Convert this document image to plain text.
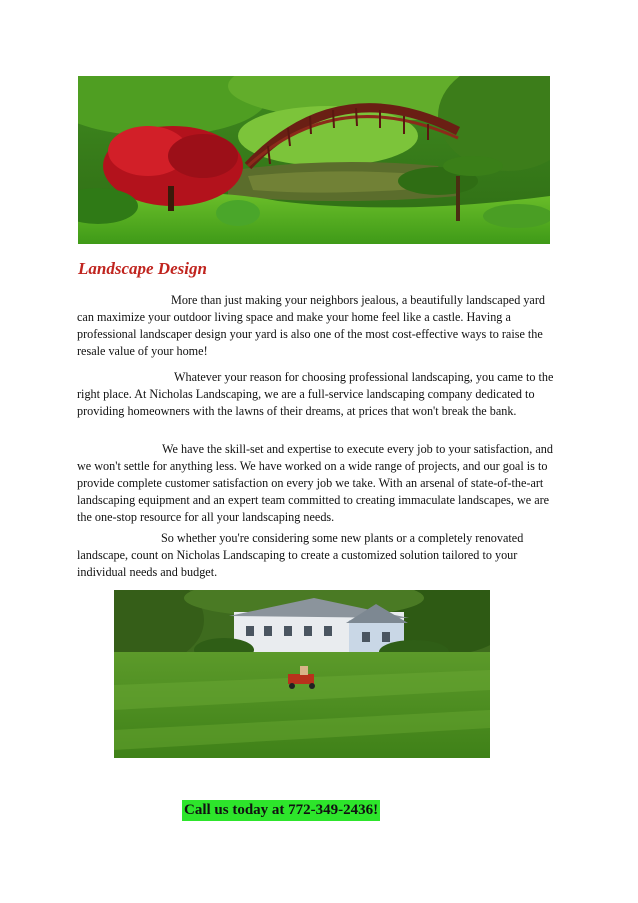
Landscape Design

More than just making your neighbors jealous, a beautifully landscaped yard can maximize your outdoor living space and make your home feel like a castle. Having a professional landscaper design your yard is also one of the most cost-effective ways to raise the resale value of your home!

Whatever your reason for choosing professional landscaping, you came to the right place. At Nicholas Landscaping, we are a full-service landscaping company dedicated to providing homeowners with the lawns of their dreams, at prices that won't break the bank.

We have the skill-set and expertise to execute every job to your satisfaction, and we won't settle for anything less. We have worked on a wide range of projects, and our goal is to provide complete customer satisfaction on every job we take. With an arsenal of state-of-the-art landscaping equipment and an expert team committed to creating immaculate landscapes, we are the one-stop resource for all your landscaping needs.

So whether you're considering some new plants or a completely renovated landscape, count on Nicholas Landscaping to create a customized solution tailored to your individual needs and budget.

Call us today at 772-349-2436!
